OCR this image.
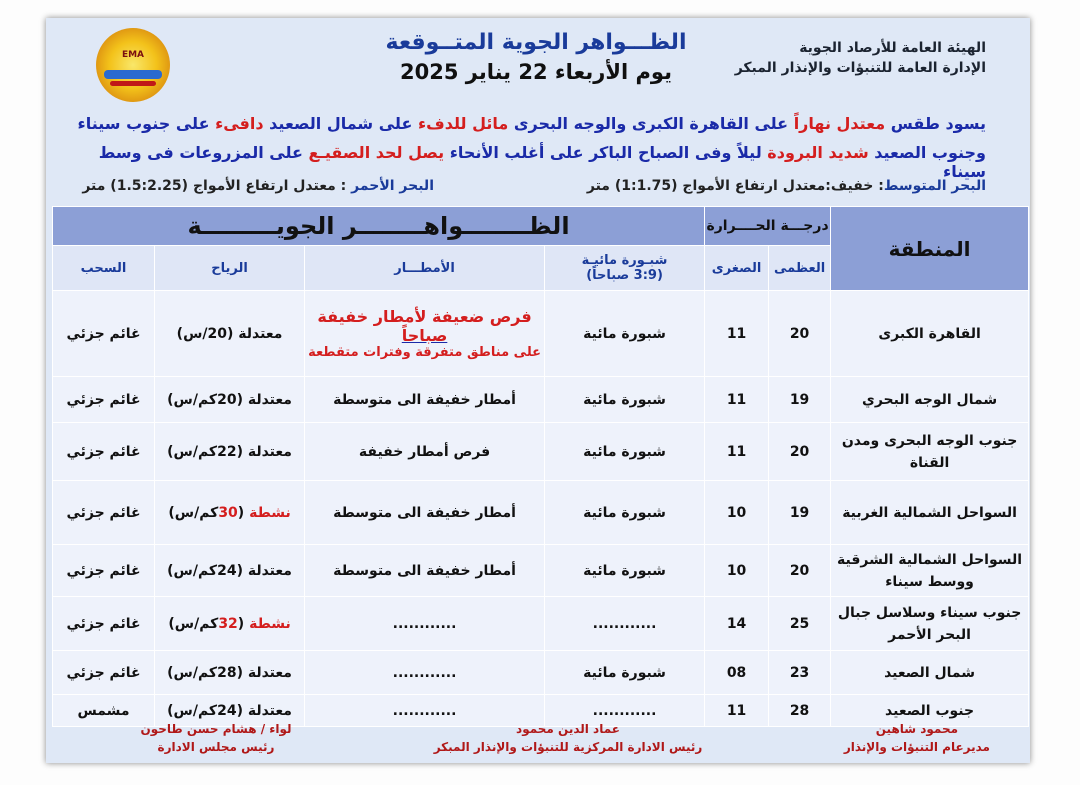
EMA	الهيئة العامة للأرصاد الجوية
الإدارة العامة للتنبؤات والإنذار المبكر
الظـــواهر الجوية المتــوقعة
يوم الأربعاء 22 يناير 2025
يسود طقس معتدل نهاراً على القاهرة الكبرى والوجه البحرى مائل للدفء على شمال الصعيد دافىء على جنوب سيناء
وجنوب الصعيد شديد البرودة ليلاً وفى الصباح الباكر على أغلب الأنحاء يصل لحد الصقيـع على المزروعات فى وسط سيناء
البحر المتوسط: خفيف:معتدل ارتفاع الأمواج (1:1.75) متر
البحر الأحمر : معتدل ارتفاع الأمواج (1.5:2.25) متر
المنطقة	درجـــة الحــــرارة		الظــــــــواهــــــــر الجويـــــــــة			
	العظمى	الصغرى	شبـورة مائيـة
(3:9 صباحاً)	الأمطـــار	الرياح	السحب
القاهرة الكبرى	20	11	شبورة مائية	فرص ضعيفة لأمطار خفيفة
صباحاً
على مناطق متفرقة وفترات متقطعة	معتدلة (20/س)	غائم جزئي
شمال الوجه البحري	19	11	شبورة مائية	أمطار خفيفة الى متوسطة	معتدلة (20كم/س)	غائم جزئي
جنوب الوجه البحرى ومدن القناة	20	11	شبورة مائية	فرص أمطار خفيفة	معتدلة (22كم/س)	غائم جزئي
السواحل الشمالية الغربية	19	10	شبورة مائية	أمطار خفيفة الى متوسطة	نشطة (30كم/س)	غائم جزئي
السواحل الشمالية الشرقية ووسط سيناء	20	10	شبورة مائية	أمطار خفيفة الى متوسطة	معتدلة (24كم/س)	غائم جزئي
جنوب سيناء وسلاسل جبال البحر الأحمر	25	14	............	............	نشطة (32كم/س)	غائم جزئي
شمال الصعيد	23	08	شبورة مائية	............	معتدلة (28كم/س)	غائم جزئي
جنوب الصعيد	28	11	............	............	معتدلة (24كم/س)	مشمس
محمود شاهين
مديرعام التنبؤات والإنذار
عماد الدين محمود
رئيس الادارة المركزية للتنبؤات والإنذار المبكر
لواء / هشام حسن طاحون
رئيس مجلس الادارة
